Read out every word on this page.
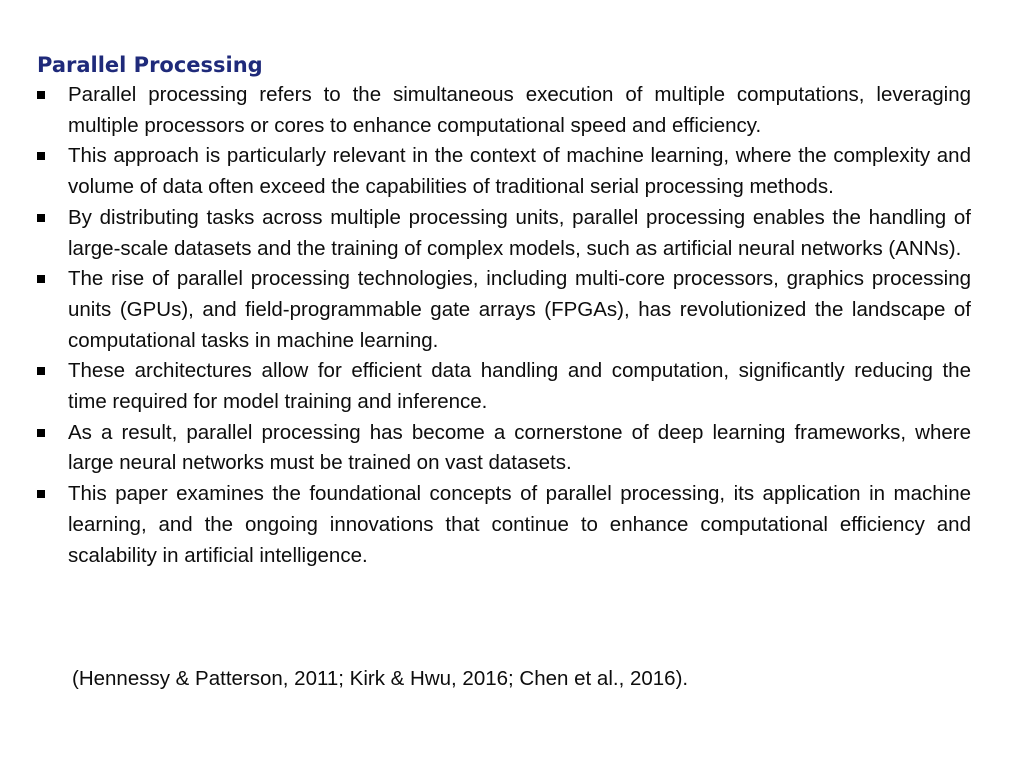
Parallel Processing
Parallel processing refers to the simultaneous execution of multiple computations, leveraging multiple processors or cores to enhance computational speed and efficiency.
This approach is particularly relevant in the context of machine learning, where the complexity and volume of data often exceed the capabilities of traditional serial processing methods.
By distributing tasks across multiple processing units, parallel processing enables the handling of large-scale datasets and the training of complex models, such as artificial neural networks (ANNs).
The rise of parallel processing technologies, including multi-core processors, graphics processing units (GPUs), and field-programmable gate arrays (FPGAs), has revolutionized the landscape of computational tasks in machine learning.
These architectures allow for efficient data handling and computation, significantly reducing the time required for model training and inference.
As a result, parallel processing has become a cornerstone of deep learning frameworks, where large neural networks must be trained on vast datasets.
This paper examines the foundational concepts of parallel processing, its application in machine learning, and the ongoing innovations that continue to enhance computational efficiency and scalability in artificial intelligence.

(Hennessy & Patterson, 2011; Kirk & Hwu, 2016; Chen et al., 2016).
